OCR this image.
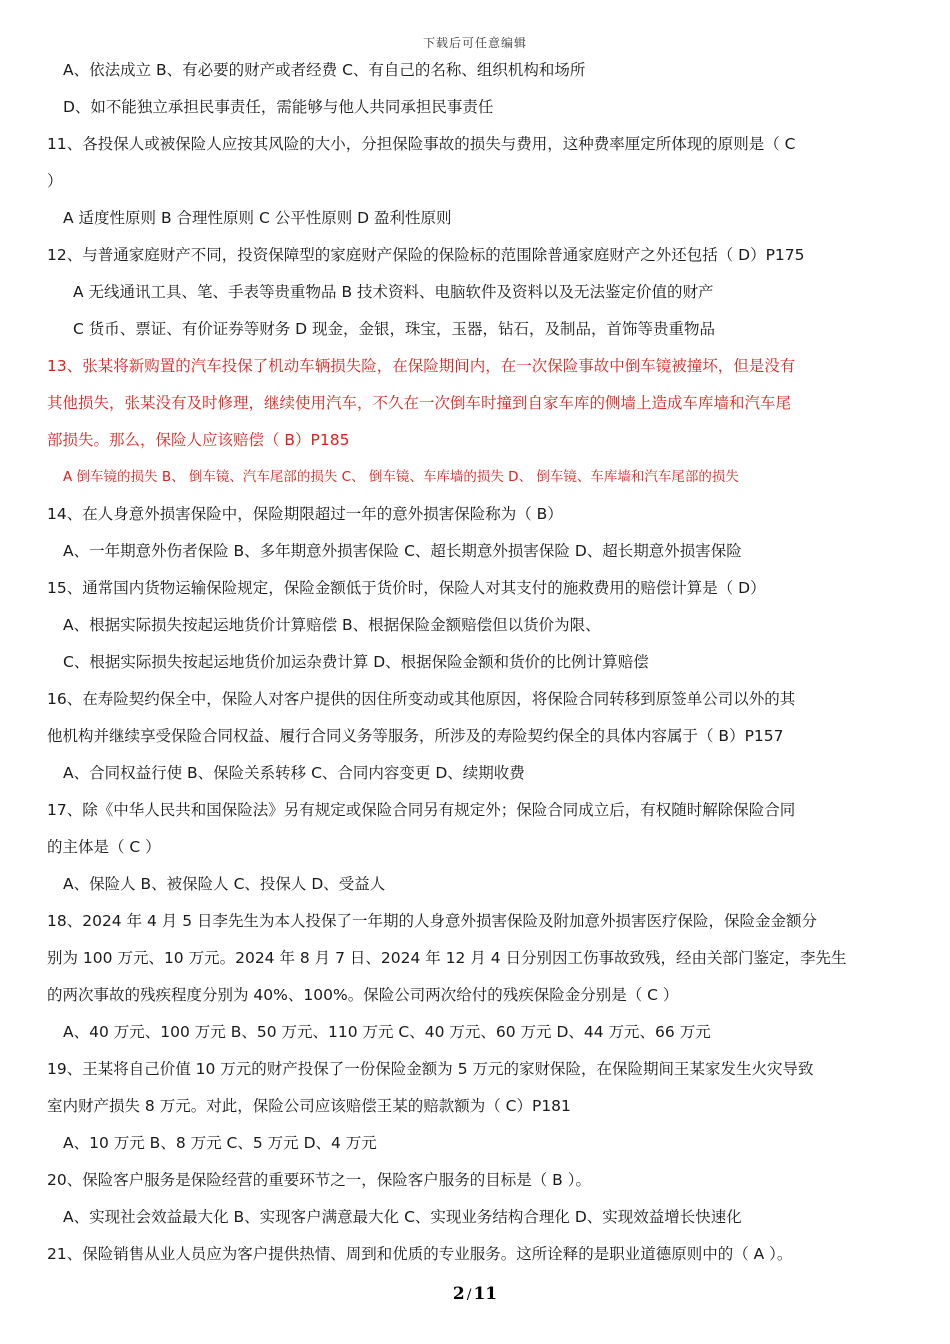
下载后可任意编辑
A、依法成立 B、有必要的财产或者经费 C、有自己的名称、组织机构和场所
D、如不能独立承担民事责任，需能够与他人共同承担民事责任
11、各投保人或被保险人应按其风险的大小，分担保险事故的损失与费用，这种费率厘定所体现的原则是（ C
）
A 适度性原则 B 合理性原则 C 公平性原则 D 盈利性原则
12、与普通家庭财产不同，投资保障型的家庭财产保险的保险标的范围除普通家庭财产之外还包括（ D）P175
A 无线通讯工具、笔、手表等贵重物品 B 技术资料、电脑软件及资料以及无法鉴定价值的财产
C 货币、票证、有价证券等财务 D 现金，金银，珠宝，玉器，钻石，及制品，首饰等贵重物品
13、张某将新购置的汽车投保了机动车辆损失险，在保险期间内，在一次保险事故中倒车镜被撞坏，但是没有
其他损失，张某没有及时修理，继续使用汽车，不久在一次倒车时撞到自家车库的侧墙上造成车库墙和汽车尾
部损失。那么，保险人应该赔偿（ B）P185
A 倒车镜的损失 B、 倒车镜、汽车尾部的损失 C、 倒车镜、车库墙的损失 D、 倒车镜、车库墙和汽车尾部的损失
14、在人身意外损害保险中，保险期限超过一年的意外损害保险称为（ B）
A、一年期意外伤者保险 B、多年期意外损害保险 C、超长期意外损害保险 D、超长期意外损害保险
15、通常国内货物运输保险规定，保险金额低于货价时，保险人对其支付的施救费用的赔偿计算是（ D）
A、根据实际损失按起运地货价计算赔偿 B、根据保险金额赔偿但以货价为限、
C、根据实际损失按起运地货价加运杂费计算 D、根据保险金额和货价的比例计算赔偿
16、在寿险契约保全中，保险人对客户提供的因住所变动或其他原因，将保险合同转移到原签单公司以外的其
他机构并继续享受保险合同权益、履行合同义务等服务，所涉及的寿险契约保全的具体内容属于（ B）P157
A、合同权益行使 B、保险关系转移 C、合同内容变更 D、续期收费
17、除《中华人民共和国保险法》另有规定或保险合同另有规定外；保险合同成立后，有权随时解除保险合同
的主体是（ C ）
A、保险人 B、被保险人 C、投保人 D、受益人
18、2024 年 4 月 5 日李先生为本人投保了一年期的人身意外损害保险及附加意外损害医疗保险，保险金金额分
别为 100 万元、10 万元。2024 年 8 月 7 日、2024 年 12 月 4 日分别因工伤事故致残，经由关部门鉴定，李先生
的两次事故的残疾程度分别为 40%、100%。保险公司两次给付的残疾保险金分别是（ C ）
A、40 万元、100 万元 B、50 万元、110 万元 C、40 万元、60 万元 D、44 万元、66 万元
19、王某将自己价值 10 万元的财产投保了一份保险金额为 5 万元的家财保险，在保险期间王某家发生火灾导致
室内财产损失 8 万元。对此，保险公司应该赔偿王某的赔款额为（ C）P181
A、10 万元 B、8 万元 C、5 万元 D、4 万元
20、保险客户服务是保险经营的重要环节之一，保险客户服务的目标是（ B ）。
A、实现社会效益最大化 B、实现客户满意最大化 C、实现业务结构合理化 D、实现效益增长快速化
21、保险销售从业人员应为客户提供热情、周到和优质的专业服务。这所诠释的是职业道德原则中的（ A ）。
2 / 11
